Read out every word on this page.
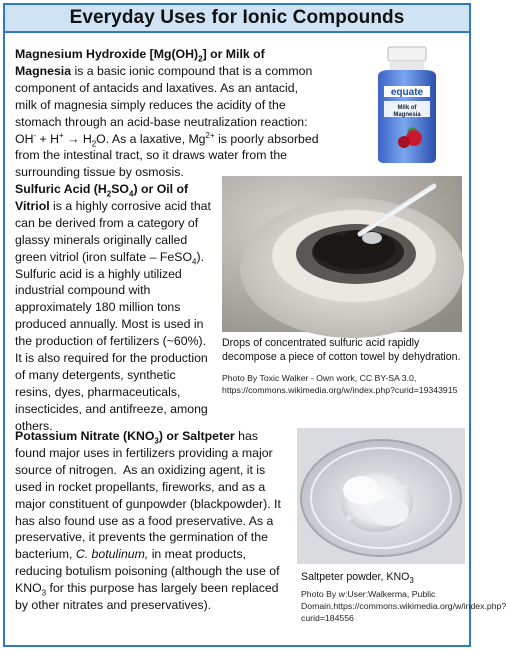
Everyday Uses for Ionic Compounds
Magnesium Hydroxide $[Mg(OH)_2]$ or Milk of Magnesia is a basic ionic compound that is a common component of antacids and laxatives. As an antacid, milk of magnesia simply reduces the acidity of the stomach through an acid-base neutralization reaction:  $OH^- + H^+ \to H_2O$. As a laxative, $Mg^{2+}$ is poorly absorbed from the intestinal tract, so it draws water from the surrounding tissue by osmosis.
equate
Milk of
Magnesia
Sulfuric Acid $(H_2SO_4)$ or Oil of Vitriol is a highly corrosive acid that can be derived from a category of glassy minerals originally called green vitriol (iron sulfate – FeSO$_4$). Sulfuric acid is a highly utilized industrial compound with approximately 180 million tons produced annually. Most is used in the production of fertilizers (~60%). It is also required for the production of many detergents, synthetic resins, dyes, pharmaceuticals, insecticides, and antifreeze, among others.
Drops of concentrated sulfuric acid rapidly decompose a piece of cotton towel by dehydration.
Photo By Toxic Walker - Own work, CC BY-SA 3.0, https://commons.wikimedia.org/w/index.php?curid=19343915
Potassium Nitrate $(KNO_3)$ or Saltpeter has found major uses in fertilizers providing a major source of nitrogen.  As an oxidizing agent, it is used in rocket propellants, fireworks, and as a major constituent of gunpowder (blackpowder). It has also found use as a food preservative. As a preservative, it prevents the germination of the bacterium, C. botulinum, in meat products, reducing botulism poisoning (although the use of $KNO_3$ for this purpose has largely been replaced by other nitrates and preservatives).
Saltpeter powder, $KNO_3$
Photo By w:User:Walkerma, Public Domain,https://commons.wikimedia.org/w/index.php?curid=184556
